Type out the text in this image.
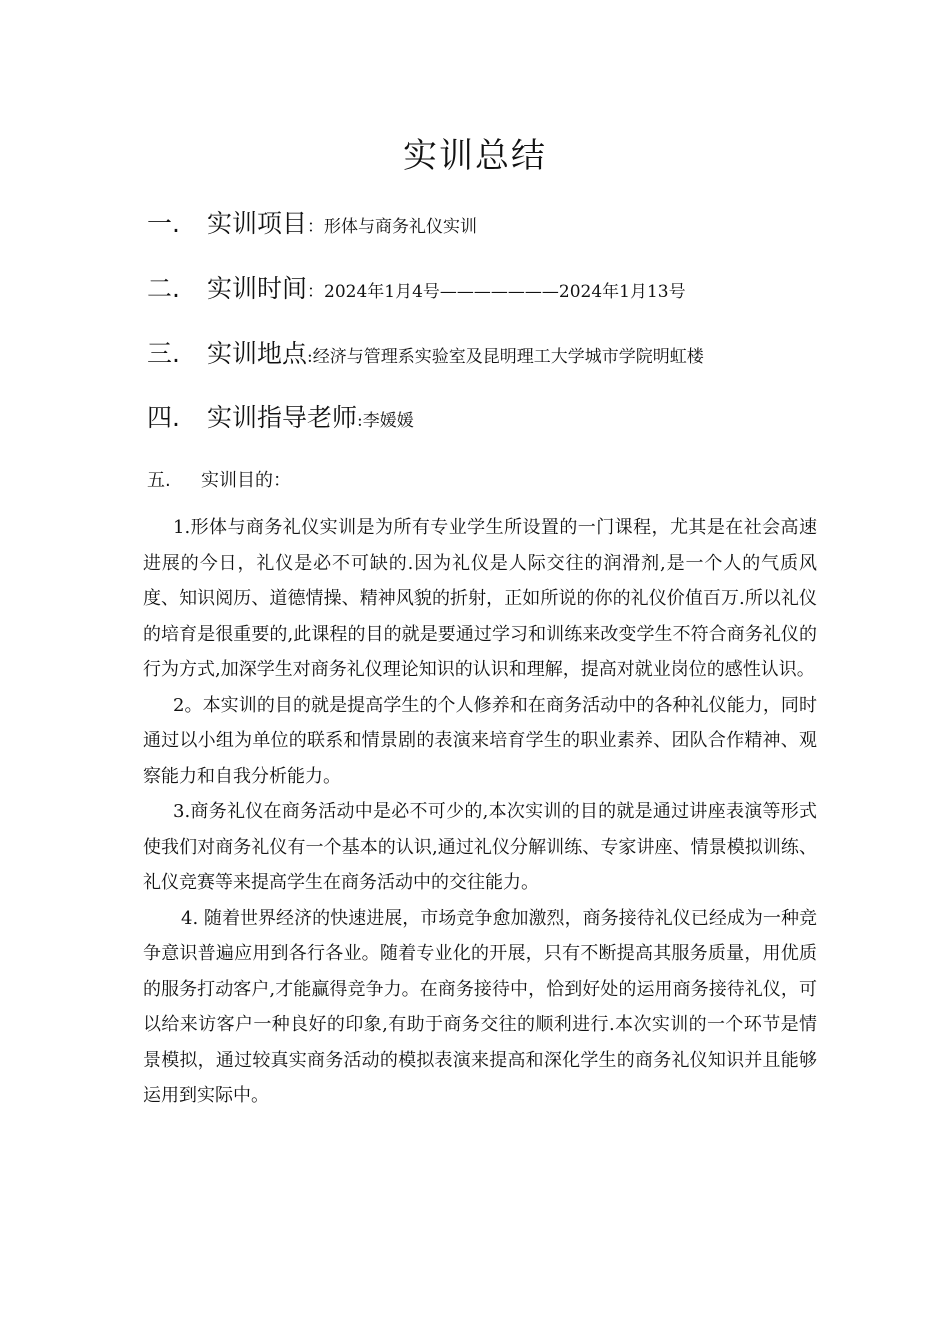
实训总结
一. 实训项目：形体与商务礼仪实训
二. 实训时间：2024年1月4号———————2024年1月13号
三. 实训地点:经济与管理系实验室及昆明理工大学城市学院明虹楼
四. 实训指导老师:李媛媛
五. 实训目的：

1.形体与商务礼仪实训是为所有专业学生所设置的一门课程，尤其是在社会高速进展的今日，礼仪是必不可缺的.因为礼仪是人际交往的润滑剂,是一个人的气质风度、知识阅历、道德情操、精神风貌的折射，正如所说的你的礼仪价值百万.所以礼仪的培育是很重要的,此课程的目的就是要通过学习和训练来改变学生不符合商务礼仪的行为方式,加深学生对商务礼仪理论知识的认识和理解，提高对就业岗位的感性认识。

2。本实训的目的就是提高学生的个人修养和在商务活动中的各种礼仪能力，同时通过以小组为单位的联系和情景剧的表演来培育学生的职业素养、团队合作精神、观察能力和自我分析能力。

3.商务礼仪在商务活动中是必不可少的,本次实训的目的就是通过讲座表演等形式使我们对商务礼仪有一个基本的认识,通过礼仪分解训练、专家讲座、情景模拟训练、礼仪竞赛等来提高学生在商务活动中的交往能力。

4. 随着世界经济的快速进展，市场竞争愈加激烈，商务接待礼仪已经成为一种竞争意识普遍应用到各行各业。随着专业化的开展，只有不断提高其服务质量，用优质的服务打动客户,才能赢得竞争力。在商务接待中，恰到好处的运用商务接待礼仪，可以给来访客户一种良好的印象,有助于商务交往的顺利进行.本次实训的一个环节是情景模拟，通过较真实商务活动的模拟表演来提高和深化学生的商务礼仪知识并且能够运用到实际中。
